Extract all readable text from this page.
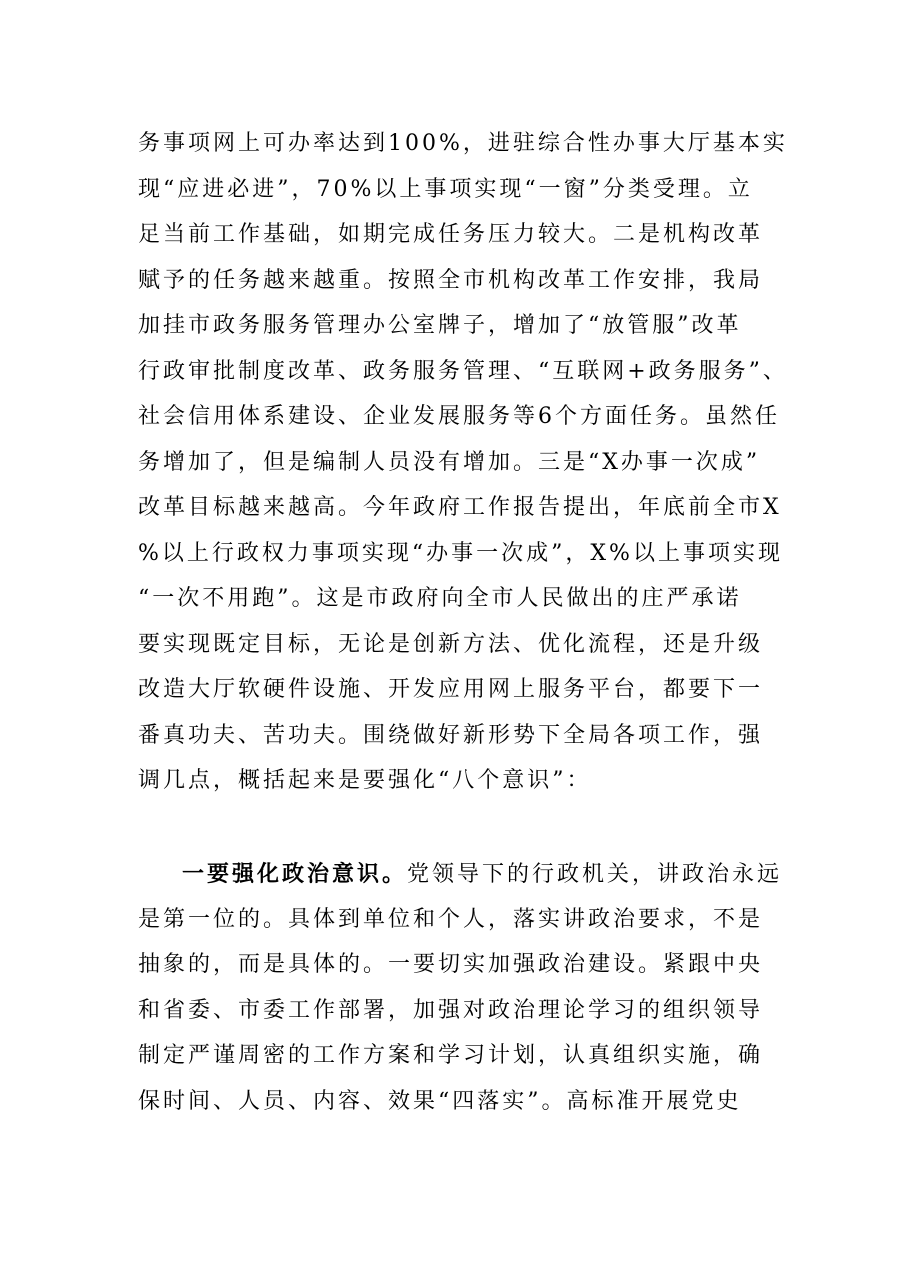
务事项网上可办率达到100%，进驻综合性办事大厅基本实
现“应进必进”，70%以上事项实现“一窗”分类受理。立
足当前工作基础，如期完成任务压力较大。二是机构改革
赋予的任务越来越重。按照全市机构改革工作安排，我局
加挂市政务服务管理办公室牌子，增加了“放管服”改革
行政审批制度改革、政务服务管理、“互联网+政务服务”、
社会信用体系建设、企业发展服务等6个方面任务。虽然任
务增加了，但是编制人员没有增加。三是“X办事一次成”
改革目标越来越高。今年政府工作报告提出，年底前全市X
%以上行政权力事项实现“办事一次成”，X%以上事项实现
“一次不用跑”。这是市政府向全市人民做出的庄严承诺
要实现既定目标，无论是创新方法、优化流程，还是升级
改造大厅软硬件设施、开发应用网上服务平台，都要下一
番真功夫、苦功夫。围绕做好新形势下全局各项工作，强
调几点，概括起来是要强化“八个意识”：
一要强化政治意识。党领导下的行政机关，讲政治永远
是第一位的。具体到单位和个人，落实讲政治要求，不是
抽象的，而是具体的。一要切实加强政治建设。紧跟中央
和省委、市委工作部署，加强对政治理论学习的组织领导
制定严谨周密的工作方案和学习计划，认真组织实施，确
保时间、人员、内容、效果“四落实”。高标准开展党史
